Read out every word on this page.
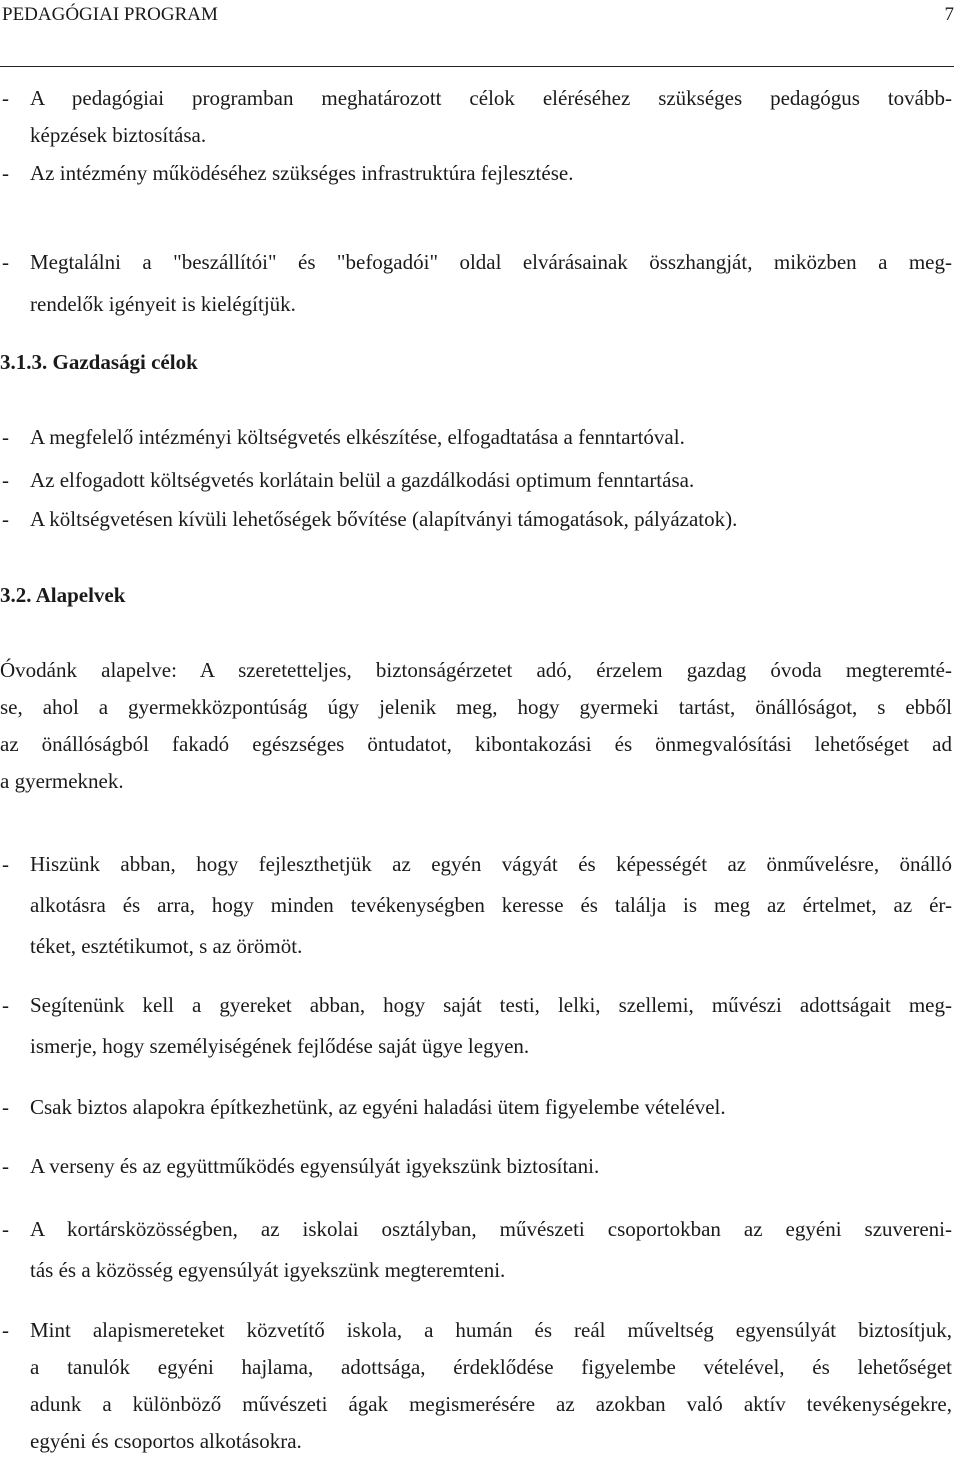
PEDAGÓGIAI PROGRAM	7
- A pedagógiai programban meghatározott célok eléréséhez szükséges pedagógus tovább-
képzések biztosítása.
- Az intézmény működéséhez szükséges infrastruktúra fejlesztése.
- Megtalálni a "beszállítói" és "befogadói" oldal elvárásainak összhangját, miközben a meg-
rendelők igényeit is kielégítjük.
3.1.3. Gazdasági célok
- A megfelelő intézményi költségvetés elkészítése, elfogadtatása a fenntartóval.
- Az elfogadott költségvetés korlátain belül a gazdálkodási optimum fenntartása.
- A költségvetésen kívüli lehetőségek bővítése (alapítványi támogatások, pályázatok).
3.2. Alapelvek
Óvodánk alapelve: A szeretetteljes, biztonságérzetet adó, érzelem gazdag óvoda megteremté-
se, ahol a gyermekközpontúság úgy jelenik meg, hogy gyermeki tartást, önállóságot, s ebből
az önállóságból fakadó egészséges öntudatot, kibontakozási és önmegvalósítási lehetőséget ad
a gyermeknek.
- Hiszünk abban, hogy fejleszthetjük az egyén vágyát és képességét az önművelésre, önálló
alkotásra és arra, hogy minden tevékenységben keresse és találja is meg az értelmet, az ér-
téket, esztétikumot, s az örömöt.
- Segítenünk kell a gyereket abban, hogy saját testi, lelki, szellemi, művészi adottságait meg-
ismerje, hogy személyiségének fejlődése saját ügye legyen.
- Csak biztos alapokra építkezhetünk, az egyéni haladási ütem figyelembe vételével.
- A verseny és az együttműködés egyensúlyát igyekszünk biztosítani.
- A kortársközösségben, az iskolai osztályban, művészeti csoportokban az egyéni szuvereni-
tás és a közösség egyensúlyát igyekszünk megteremteni.
- Mint alapismereteket közvetítő iskola, a humán és reál műveltség egyensúlyát biztosítjuk,
a tanulók egyéni hajlama, adottsága, érdeklődése figyelembe vételével, és lehetőséget
adunk a különböző művészeti ágak megismerésére az azokban való aktív tevékenységekre,
egyéni és csoportos alkotásokra.
